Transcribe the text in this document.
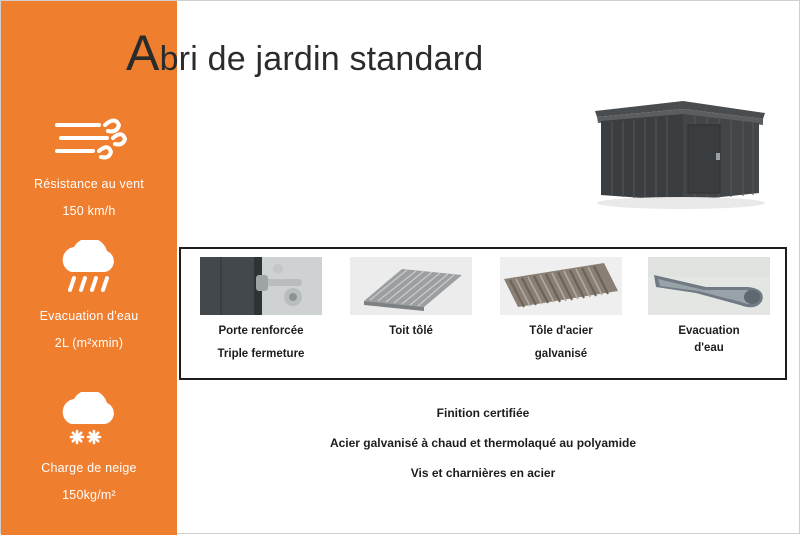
Résistance au vent
150 km/h
Evacuation d'eau
2L (m²xmin)
Charge de neige
150kg/m²
Abri de jardin standard
Porte renforcée
Triple fermeture
Toit tôlé	Tôle d'acier
galvanisé
Evacuation
d'eau
Finition certifiée
Acier galvanisé à chaud et thermolaqué au polyamide
Vis et charnières en acier
